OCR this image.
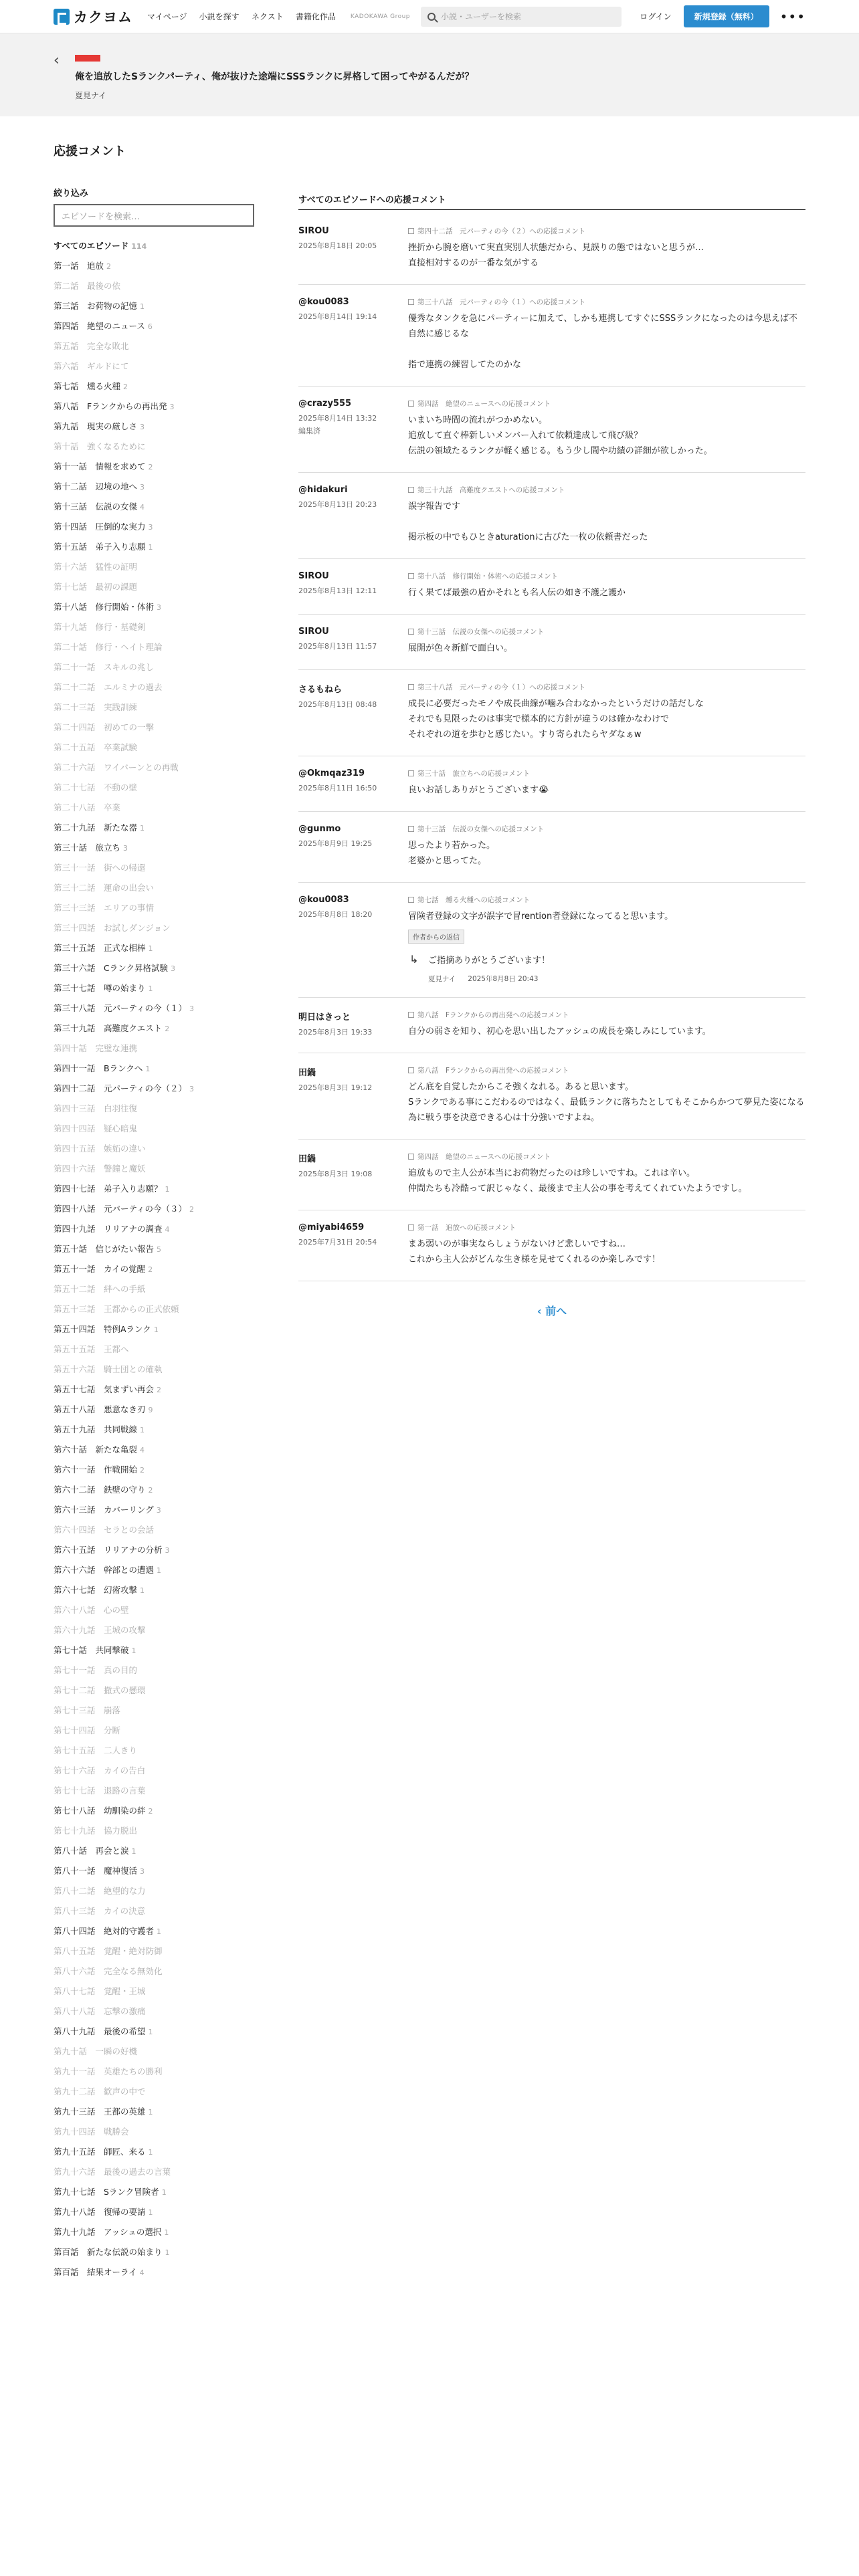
カクヨム マイページ 小説を探す ネクスト 書籍化作品	KADOKAWA Group	小説・ユーザーを検索	ログイン	新規登録（無料）	•••
‹
俺を追放したSランクパーティ、俺が抜けた途端にSSSランクに昇格して困ってやがるんだが？
夏見ナイ
応援コメント
絞り込み
エピソードを検索…
すべてのエピソード 114
第一話　追放 2
第二話　最後の依
第三話　お荷物の記憶 1
第四話　絶望のニュース 6
第五話　完全な敗北
第六話　ギルドにて
第七話　燻る火種 2
第八話　Fランクからの再出発 3
第九話　現実の厳しさ 3
第十話　強くなるために
第十一話　情報を求めて 2
第十二話　辺境の地へ 3
第十三話　伝説の女傑 4
第十四話　圧倒的な実力 3
第十五話　弟子入り志願 1
第十六話　猛性の証明
第十七話　最初の課題
第十八話　修行開始・体術 3
第十九話　修行・基礎剣
第二十話　修行・ヘイト理論
第二十一話　スキルの兆し
第二十二話　エルミナの過去
第二十三話　実践訓練
第二十四話　初めての一撃
第二十五話　卒業試験
第二十六話　ワイバーンとの再戦
第二十七話　不動の壁
第二十八話　卒業
第二十九話　新たな器 1
第三十話　旅立ち 3
第三十一話　街への帰還
第三十二話　運命の出会い
第三十三話　エリアの事情
第三十四話　お試しダンジョン
第三十五話　正式な相棒 1
第三十六話　Cランク昇格試験 3
第三十七話　噂の始まり 1
第三十八話　元パーティの今（１） 3
第三十九話　高難度クエスト 2
第四十話　完璧な連携
第四十一話　Bランクへ 1
第四十二話　元パーティの今（２） 3
第四十三話　白羽往復
第四十四話　疑心暗鬼
第四十五話　嫉妬の違い
第四十六話　警鐘と魔妖
第四十七話　弟子入り志願？ 1
第四十八話　元パーティの今（３） 2
第四十九話　リリアナの調査 4
第五十話　信じがたい報告 5
第五十一話　カイの覚醒 2
第五十二話　絆への手紙
第五十三話　王都からの正式依頼
第五十四話　特例Aランク 1
第五十五話　王都へ
第五十六話　騎士団との確執
第五十七話　気まずい再会 2
第五十八話　悪意なき刃 9
第五十九話　共同戦線 1
第六十話　新たな亀裂 4
第六十一話　作戦開始 2
第六十二話　鉄壁の守り 2
第六十三話　カバーリング 3
第六十四話　セラとの会話
第六十五話　リリアナの分析 3
第六十六話　幹部との遭遇 1
第六十七話　幻術攻撃 1
第六十八話　心の壁
第六十九話　王城の攻撃
第七十話　共同撃破 1
第七十一話　真の目的
第七十二話　撤式の懸環
第七十三話　崩落
第七十四話　分断
第七十五話　二人きり
第七十六話　カイの告白
第七十七話　退路の言葉
第七十八話　幼馴染の絆 2
第七十九話　協力脱出
第八十話　再会と涙 1
第八十一話　魔神復活 3
第八十二話　絶望的な力
第八十三話　カイの決意
第八十四話　絶対的守護者 1
第八十五話　覚醒・絶対防御
第八十六話　完全なる無効化
第八十七話　覚醒・王城
第八十八話　忘撃の激痛
第八十九話　最後の希望 1
第九十話　一瞬の好機
第九十一話　英雄たちの勝利
第九十二話　歓声の中で
第九十三話　王都の英雄 1
第九十四話　戦勝会
第九十五話　師匠、来る 1
第九十六話　最後の過去の言葉
第九十七話　Sランク冒険者 1
第九十八話　復帰の要請 1
第九十九話　アッシュの選択 1
第百話　新たな伝説の始まり 1
第百話　結果オーライ 4
すべてのエピソードへの応援コメント
SIROU
2025年8月18日 20:05
第四十二話　元パーティの今（２）への応援コメント
挫折から腕を磨いて実直実別人状態だから、見誤りの態ではないと思うが…
直接相対するのが一番な気がする
@kou0083
2025年8月14日 19:14
第三十八話　元パーティの今（１）への応援コメント
優秀なタンクを急にパーティーに加えて、しかも連携してすぐにSSSランクになったのは今思えば不自然に感じるな

指で連携の練習してたのかな
@crazy555
2025年8月14日 13:32
編集済
第四話　絶望のニュースへの応援コメント
いまいち時間の流れがつかめない。
追放して直ぐ棒新しいメンバー入れて依頼達成して飛び級？
伝説の領域たるランクが軽く感じる。もう少し間や功績の詳細が欲しかった。
@hidakuri
2025年8月13日 20:23
第三十九話　高難度クエストへの応援コメント
誤字報告です

掲示板の中でもひときaturationに古びた一枚の依頼書だった
SIROU
2025年8月13日 12:11
第十八話　修行開始・体術への応援コメント
行く果てば最強の盾かそれとも名人伝の如き不護之護か
SIROU
2025年8月13日 11:57
第十三話　伝説の女傑への応援コメント
展開が色々新鮮で面白い。
さるもねら
2025年8月13日 08:48
第三十八話　元パーティの今（１）への応援コメント
成長に必要だったモノや成長曲線が噛み合わなかったというだけの話だしな
それでも見限ったのは事実で様本的に方針が違うのは確かなわけで
それぞれの道を歩むと感じたい。すり寄られたらヤダなぁw
@Okmqaz319
2025年8月11日 16:50
第三十話　旅立ちへの応援コメント
良いお話しありがとうございます😭
@gunmo
2025年8月9日 19:25
第十三話　伝説の女傑への応援コメント
思ったより若かった。
老婆かと思ってた。
@kou0083
2025年8月8日 18:20
第七話　燻る火種への応援コメント
冒険者登録の文字が誤字で冒rention者登録になってると思います。
作者からの返信
↳	ご指摘ありがとうございます！
夏見ナイ 2025年8月8日 20:43
明日はきっと
2025年8月3日 19:33
第八話　Fランクからの再出発への応援コメント
自分の弱さを知り、初心を思い出したアッシュの成長を楽しみにしています。
田鍋
2025年8月3日 19:12
第八話　Fランクからの再出発への応援コメント
どん底を自覚したからこそ強くなれる。あると思います。
Sランクである事にこだわるのではなく、最低ランクに落ちたとしてもそこからかつて夢見た姿になる為に戦う事を決意できる心は十分強いですよね。
田鍋
2025年8月3日 19:08
第四話　絶望のニュースへの応援コメント
追放もので主人公が本当にお荷物だったのは珍しいですね。これは辛い。
仲間たちも冷酷って訳じゃなく、最後まで主人公の事を考えてくれていたようですし。
@miyabi4659
2025年7月31日 20:54
第一話　追放への応援コメント
まあ弱いのが事実ならしょうがないけど悲しいですね…
これから主人公がどんな生き様を見せてくれるのか楽しみです！
‹ 前へ
